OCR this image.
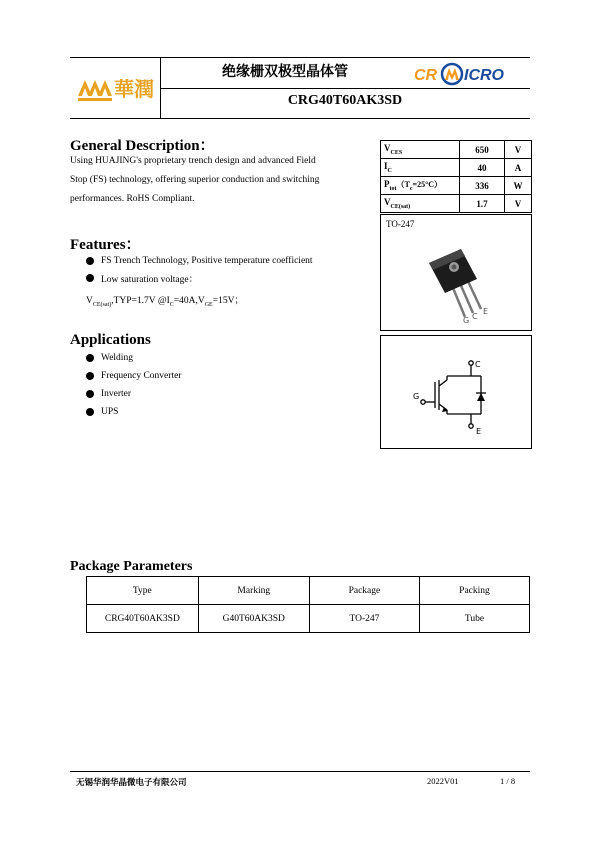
華潤
绝缘栅双极型晶体管	CR ICRO
CRG40T60AK3SD
General Description：
Using HUAJING's proprietary trench design and advanced Field
Stop (FS) technology, offering superior conduction and switching
performances. RoHS Compliant.
$V_{CES}$	650	V
$I_C$	40	A
$P_{tot}(T_c=25^\circ C)$	336	W
$V_{CE(sat)}$	1.7	V
TO-247
G C
E
C
G
E
Features：
FS Trench Technology, Positive temperature coefficient
Low saturation voltage：
$V_{CE(sat)},TYP=1.7V$ $@I_C=40A,V_{GE}=15V$；
Applications
Welding
Frequency Converter
Inverter
UPS
Package Parameters
Type	Marking	Package	Packing
CRG40T60AK3SD	G40T60AK3SD	TO-247	Tube
无锡华润华晶微电子有限公司	2022V01	1 / 8
